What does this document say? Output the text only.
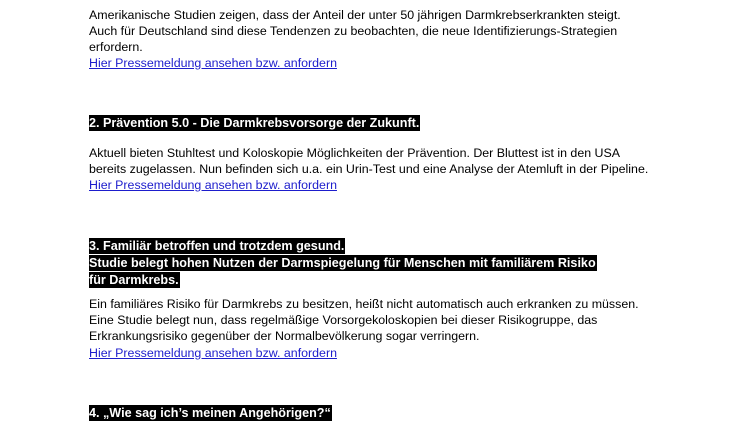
Amerikanische Studien zeigen, dass der Anteil der unter 50 jährigen Darmkrebserkrankten steigt.
Auch für Deutschland sind diese Tendenzen zu beobachten, die neue Identifizierungs-Strategien
erfordern.
Hier Pressemeldung ansehen bzw. anfordern
2. Prävention 5.0 - Die Darmkrebsvorsorge der Zukunft.
Aktuell bieten Stuhltest und Koloskopie Möglichkeiten der Prävention. Der Bluttest ist in den USA
bereits zugelassen. Nun befinden sich u.a. ein Urin-Test und eine Analyse der Atemluft in der Pipeline.
Hier Pressemeldung ansehen bzw. anfordern
3. Familiär betroffen und trotzdem gesund.
Studie belegt hohen Nutzen der Darmspiegelung für Menschen mit familiärem Risiko
für Darmkrebs.
Ein familiäres Risiko für Darmkrebs zu besitzen, heißt nicht automatisch auch erkranken zu müssen.
Eine Studie belegt nun, dass regelmäßige Vorsorgekoloskopien bei dieser Risikogruppe, das
Erkrankungsrisiko gegenüber der Normalbevölkerung sogar verringern.
Hier Pressemeldung ansehen bzw. anfordern
4. „Wie sag ich’s meinen Angehörigen?“
